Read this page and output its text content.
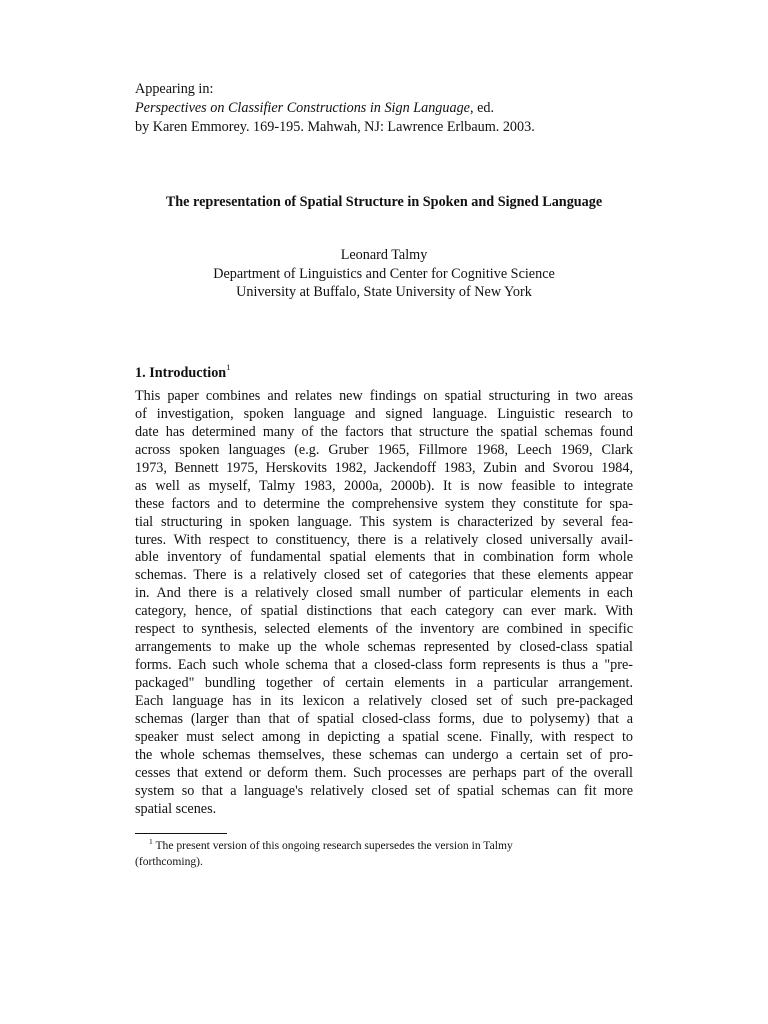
Appearing in:
Perspectives on Classifier Constructions in Sign Language, ed.
by Karen Emmorey. 169-195. Mahwah, NJ: Lawrence Erlbaum. 2003.
The representation of Spatial Structure in Spoken and Signed Language
Leonard Talmy
Department of Linguistics and Center for Cognitive Science
University at Buffalo, State University of New York
1. Introduction$^1$
This paper combines and relates new findings on spatial structuring in two areas
of investigation, spoken language and signed language. Linguistic research to
date has determined many of the factors that structure the spatial schemas found
across spoken languages (e.g. Gruber 1965, Fillmore 1968, Leech 1969, Clark
1973, Bennett 1975, Herskovits 1982, Jackendoff 1983, Zubin and Svorou 1984,
as well as myself, Talmy 1983, 2000a, 2000b). It is now feasible to integrate
these factors and to determine the comprehensive system they constitute for spa-
tial structuring in spoken language. This system is characterized by several fea-
tures. With respect to constituency, there is a relatively closed universally avail-
able inventory of fundamental spatial elements that in combination form whole
schemas. There is a relatively closed set of categories that these elements appear
in. And there is a relatively closed small number of particular elements in each
category, hence, of spatial distinctions that each category can ever mark. With
respect to synthesis, selected elements of the inventory are combined in specific
arrangements to make up the whole schemas represented by closed-class spatial
forms. Each such whole schema that a closed-class form represents is thus a "pre-
packaged" bundling together of certain elements in a particular arrangement.
Each language has in its lexicon a relatively closed set of such pre-packaged
schemas (larger than that of spatial closed-class forms, due to polysemy) that a
speaker must select among in depicting a spatial scene. Finally, with respect to
the whole schemas themselves, these schemas can undergo a certain set of pro-
cesses that extend or deform them. Such processes are perhaps part of the overall
system so that a language's relatively closed set of spatial schemas can fit more
spatial scenes.
$^1$ The present version of this ongoing research supersedes the version in Talmy
(forthcoming).
